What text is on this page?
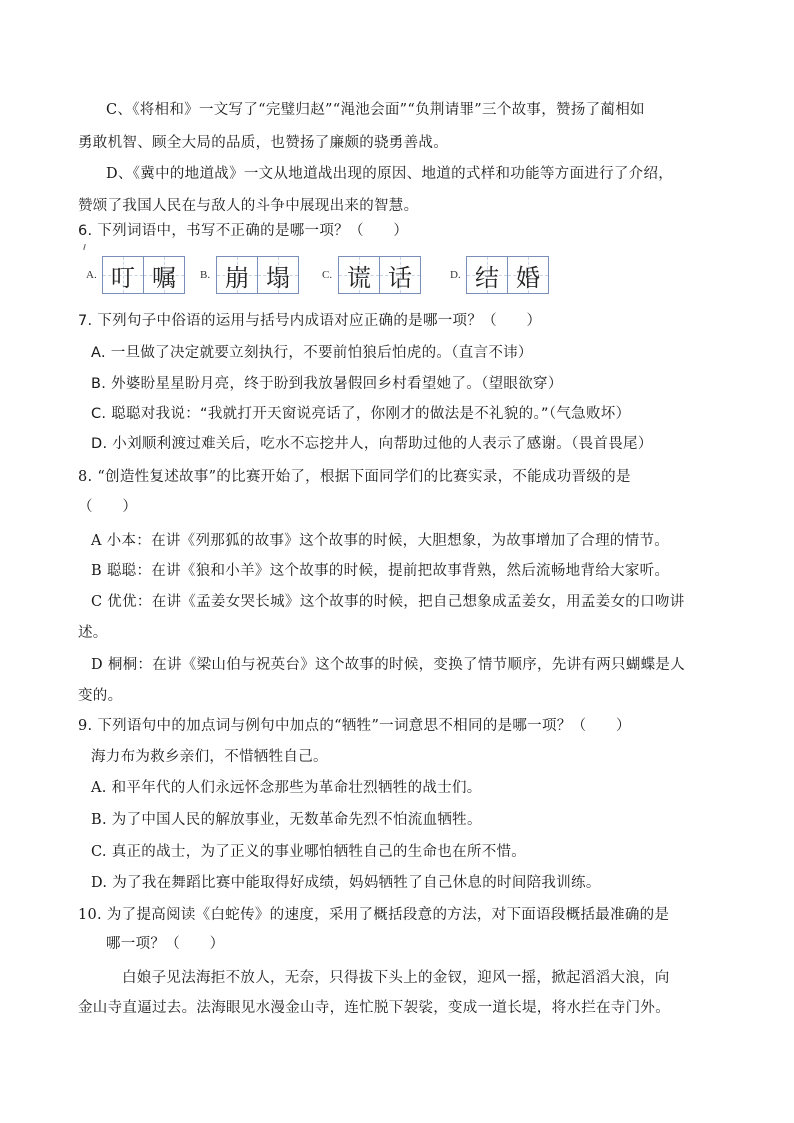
C、《将相和》一文写了“完璧归赵”“渑池会面”“负荆请罪”三个故事，赞扬了蔺相如
勇敢机智、顾全大局的品质，也赞扬了廉颇的骁勇善战。
D、《冀中的地道战》一文从地道战出现的原因、地道的式样和功能等方面进行了介绍，
赞颂了我国人民在与敌人的斗争中展现出来的智慧。
6. 下列词语中，书写不正确的是哪一项？（　　）
A. 叮 嘱 B. 崩 塌	C. 谎 话	D. 结 婚
7. 下列句子中俗语的运用与括号内成语对应正确的是哪一项？（　　）
A. 一旦做了决定就要立刻执行，不要前怕狼后怕虎的。（直言不讳）
B. 外婆盼星星盼月亮，终于盼到我放暑假回乡村看望她了。（望眼欲穿）
C. 聪聪对我说：“我就打开天窗说亮话了，你刚才的做法是不礼貌的。”（气急败坏）
D. 小刘顺利渡过难关后，吃水不忘挖井人，向帮助过他的人表示了感谢。（畏首畏尾）
8. “创造性复述故事”的比赛开始了，根据下面同学们的比赛实录，不能成功晋级的是
（　　）
A 小本：在讲《列那狐的故事》这个故事的时候，大胆想象，为故事增加了合理的情节。
B 聪聪：在讲《狼和小羊》这个故事的时候，提前把故事背熟，然后流畅地背给大家听。
C 优优：在讲《孟姜女哭长城》这个故事的时候，把自己想象成孟姜女，用孟姜女的口吻讲
述。
D 桐桐：在讲《梁山伯与祝英台》这个故事的时候，变换了情节顺序，先讲有两只蝴蝶是人
变的。
9. 下列语句中的加点词与例句中加点的“牺牲”一词意思不相同的是哪一项？（　　）
海力布为救乡亲们，不惜牺牲自己。
A. 和平年代的人们永远怀念那些为革命壮烈牺牲的战士们。
B. 为了中国人民的解放事业，无数革命先烈不怕流血牺牲。
C. 真正的战士，为了正义的事业哪怕牺牲自己的生命也在所不惜。
D. 为了我在舞蹈比赛中能取得好成绩，妈妈牺牲了自己休息的时间陪我训练。
10. 为了提高阅读《白蛇传》的速度，采用了概括段意的方法，对下面语段概括最准确的是
哪一项？（　　）
白娘子见法海拒不放人，无奈，只得拔下头上的金钗，迎风一摇，掀起滔滔大浪，向
金山寺直逼过去。法海眼见水漫金山寺，连忙脱下袈裟，变成一道长堤，将水拦在寺门外。
